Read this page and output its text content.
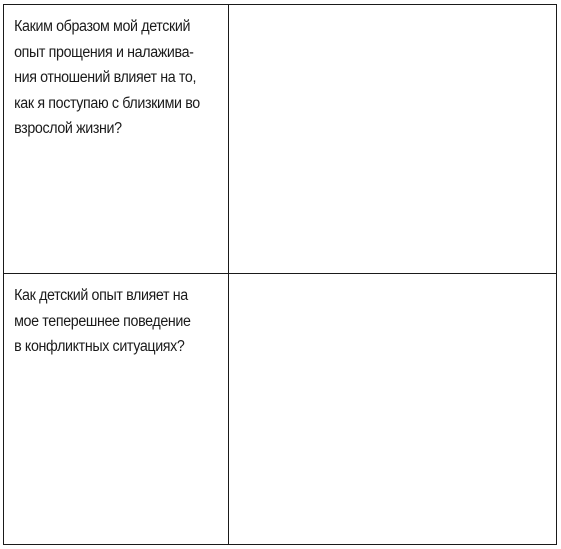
Каким образом мой детский
опыт прощения и налажива-
ния отношений влияет на то,
как я поступаю с близкими во
взрослой жизни?	

Как детский опыт влияет на
мое теперешнее поведение
в конфликтных ситуациях?	
